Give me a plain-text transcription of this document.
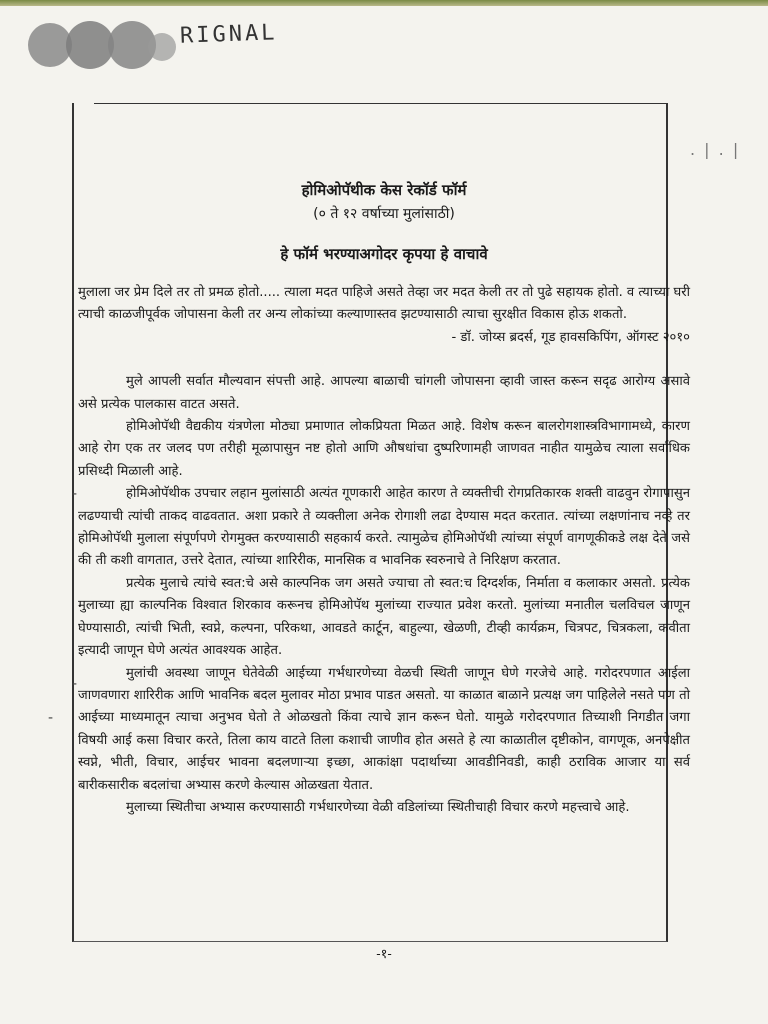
RIGNAL
. | . |
होमिओपॅथीक केस रेकॉर्ड फॉर्म
(० ते १२ वर्षाच्या मुलांसाठी)
हे फॉर्म भरण्याअगोदर कृपया हे वाचावे

मुलाला जर प्रेम दिले तर तो प्रमळ होतो..... त्याला मदत पाहिजे असते तेव्हा जर मदत केली तर तो पुढे सहायक होतो. व त्याच्या घरी त्याची काळजीपूर्वक जोपासना केली तर अन्य लोकांच्या कल्याणास्तव झटण्यासाठी त्याचा सुरक्षीत विकास होऊ शकतो.

- डॉ. जोय्स ब्रदर्स, गूड हावसकिपिंग, ऑगस्ट २०१०

मुले आपली सर्वात मौल्यवान संपत्ती आहे. आपल्या बाळाची चांगली जोपासना व्हावी जास्त करून सदृढ आरोग्य असावे असे प्रत्येक पालकास वाटत असते.

होमिओपॅथी वैद्यकीय यंत्रणेला मोठ्या प्रमाणात लोकप्रियता मिळत आहे. विशेष करून बालरोगशास्त्रविभागामध्ये, कारण आहे रोग एक तर जलद पण तरीही मूळापासुन नष्ट होतो आणि औषधांचा दुष्परिणामही जाणवत नाहीत यामुळेच त्याला सर्वाधिक प्रसिध्दी मिळाली आहे.

होमिओपॅथीक उपचार लहान मुलांसाठी अत्यंत गूणकारी आहेत कारण ते व्यक्तीची रोगप्रतिकारक शक्ती वाढवुन रोगापासुन लढण्याची त्यांची ताकद वाढवतात. अशा प्रकारे ते व्यक्तीला अनेक रोगाशी लढा देण्यास मदत करतात. त्यांच्या लक्षणांनाच नव्हे तर होमिओपॅथी मुलाला संपूर्णपणे रोगमुक्त करण्यासाठी सहकार्य करते. त्यामुळेच होमिओपॅथी त्यांच्या संपूर्ण वागणूकीकडे लक्ष देते जसे की ती कशी वागतात, उत्तरे देतात, त्यांच्या शारिरीक, मानसिक व भावनिक स्वरुनाचे ते निरिक्षण करतात.

प्रत्येक मुलाचे त्यांचे स्वत:चे असे काल्पनिक जग असते ज्याचा तो स्वत:च दिग्दर्शक, निर्माता व कलाकार असतो. प्रत्येक मुलाच्या ह्या काल्पनिक विश्वात शिरकाव करूनच होमिओपॅथ मुलांच्या राज्यात प्रवेश करतो. मुलांच्या मनातील चलविचल जाणून घेण्यासाठी, त्यांची भिती, स्वप्ने, कल्पना, परिकथा, आवडते कार्टून, बाहुल्या, खेळणी, टीव्ही कार्यक्रम, चित्रपट, चित्रकला, कवीता इत्यादी जाणून घेणे अत्यंत आवश्यक आहेत.

मुलांची अवस्था जाणून घेतेवेळी आईच्या गर्भधारणेच्या वेळची स्थिती जाणून घेणे गरजेचे आहे. गरोदरपणात आईला जाणवणारा शारिरीक आणि भावनिक बदल मुलावर मोठा प्रभाव पाडत असतो. या काळात बाळाने प्रत्यक्ष जग पाहिलेले नसते पण तो आईच्या माध्यमातून त्याचा अनुभव घेतो ते ओळखतो किंवा त्याचे ज्ञान करून घेतो. यामुळे गरोदरपणात तिच्याशी निगडीत जगा विषयी आई कसा विचार करते, तिला काय वाटते तिला कशाची जाणीव होत असते हे त्या काळातील दृष्टीकोन, वागणूक, अनपेक्षीत स्वप्ने, भीती, विचार, आईचर भावना बदलणाऱ्या इच्छा, आकांक्षा पदार्थाच्या आवडीनिवडी, काही ठराविक आजार या सर्व बारीकसारीक बदलांचा अभ्यास करणे केल्यास ओळखता येतात.

मुलाच्या स्थितीचा अभ्यास करण्यासाठी गर्भधारणेच्या वेळी वडिलांच्या स्थितीचाही विचार करणे महत्त्वाचे आहे.

-
-
-
-१-
